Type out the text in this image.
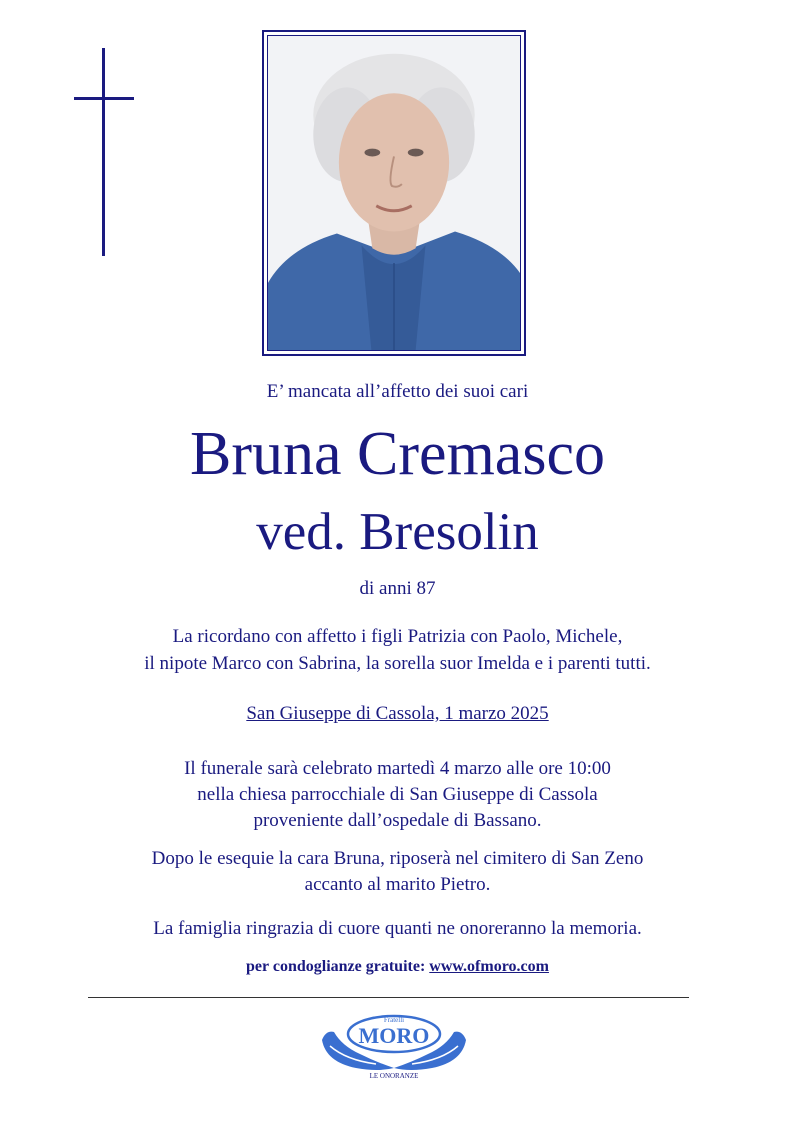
E’ mancata all’affetto dei suoi cari

Bruna Cremasco

ved. Bresolin

di anni 87

La ricordano con affetto i figli Patrizia con Paolo, Michele,
il nipote Marco con Sabrina, la sorella suor Imelda e i parenti tutti.

San Giuseppe di Cassola, 1 marzo 2025

Il funerale sarà celebrato martedì 4 marzo alle ore 10:00
nella chiesa parrocchiale di San Giuseppe di Cassola
proveniente dall’ospedale di Bassano.
Dopo le esequie la cara Bruna, riposerà nel cimitero di San Zeno
accanto al marito Pietro.

La famiglia ringrazia di cuore quanti ne onoreranno la memoria.

per condoglianze gratuite: www.ofmoro.com

Fratelli
MORO
LE ONORANZE
